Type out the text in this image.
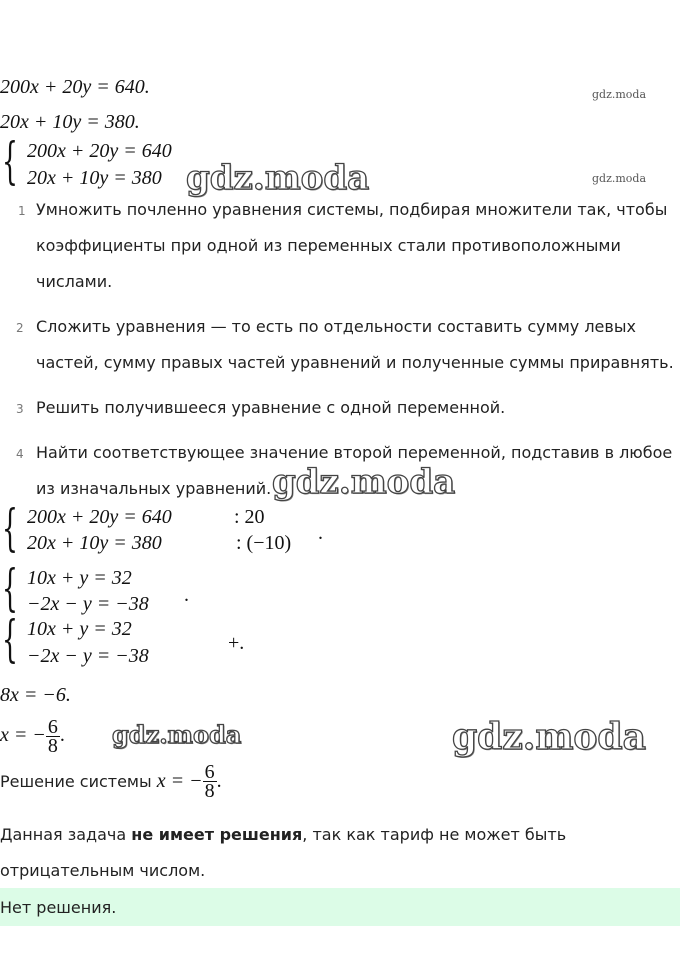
200x + 20y = 640.
20x + 10y = 380.
{ 200x + 20y = 640
20x + 10y = 380
gdz.moda
gdz.moda
gdz.moda
1 Умножить почленно уравнения системы, подбирая множители так, чтобы
коэффициенты при одной из переменных стали противоположными
числами.
2 Сложить уравнения — то есть по отдельности составить сумму левых
частей, сумму правых частей уравнений и полученные суммы приравнять.
3 Решить получившееся уравнение с одной переменной.
4 Найти соответствующее значение второй переменной, подставив в любое
из изначальных уравнений. gdz.moda
{ 200x + 20y = 640	: 20
20x + 10y = 380	: (−10) .
{ 10x + y = 32
−2x − y = −38 .
{ 10x + y = 32
−2x − y = −38
+.
8x = −6.
x = − $\frac{6}{8}$ . gdz.moda	gdz.moda
Решение системы x = − $\frac{6}{8}$ .
Данная задача не имеет решения, так как тариф не может быть
отрицательным числом.
Нет решения.
